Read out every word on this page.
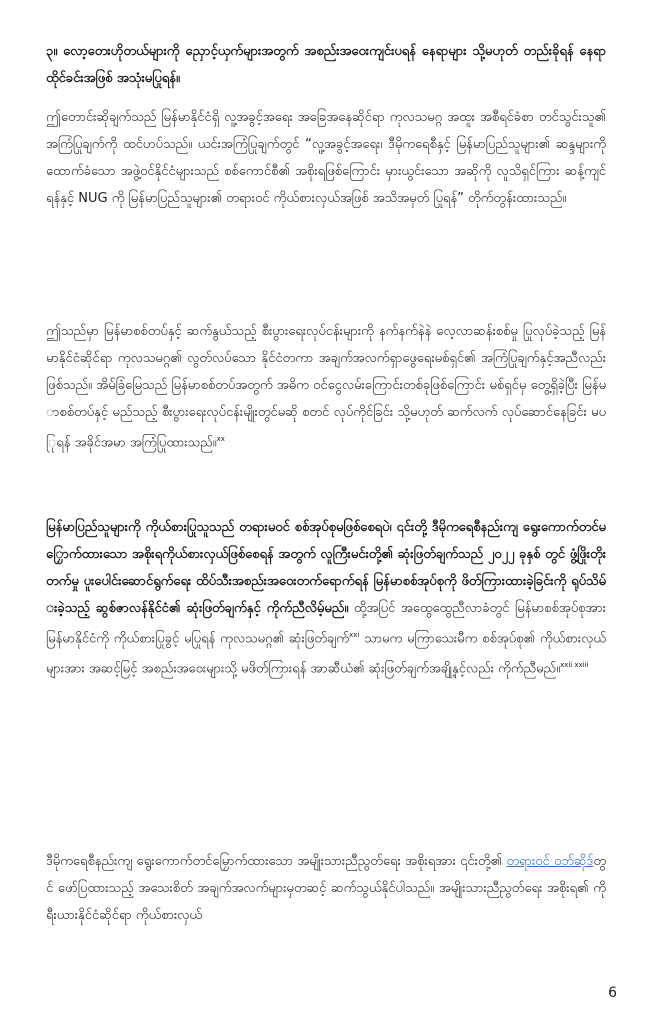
၃။ လော့တေးဟိုတယ်များကို ညှောင့်ယှက်များအတွက် အစည်းအဝေးကျင်းပရန် နေရာများ သို့မဟုတ် တည်းခိုရန် နေရာထိုင်ခင်းအဖြစ် အသုံးမပြုရန်။

ဤတောင်းဆိုချက်သည် မြန်မာနိုင်ငံရှိ လူ့အခွင့်အရေး အခြေအနေဆိုင်ရာ ကုလသမဂ္ဂ အထူး အစီရင်ခံစာ တင်သွင်းသူ၏ အကြံပြုချက်ကို ထင်ဟပ်သည်။ ယင်းအကြံပြုချက်တွင် “လူ့အခွင့်အရေး၊ ဒီမိုကရေစီနှင့် မြန်မာပြည်သူများ၏ ဆန္ဒများကို ထောက်ခံသော အဖွဲ့ဝင်နိုင်ငံများသည် စစ်ကောင်စီ၏ အစိုးရဖြစ်ကြောင်း မှားယွင်းသော အဆိုကို လူသိရှင်ကြား ဆန့်ကျင်ရန်နှင့် NUG ကို မြန်မာပြည်သူများ၏ တရားဝင် ကိုယ်စားလှယ်အဖြစ် အသိအမှတ် ပြုရန်” တိုက်တွန်းထားသည်။

ဤသည်မှာ မြန်မာစစ်တပ်နှင့် ဆက်နွယ်သည့် စီးပွားရေးလုပ်ငန်းများကို နက်နက်နဲနဲ လေ့လာဆန်းစစ်မှု ပြုလုပ်ခဲ့သည့် မြန်မာနိုင်ငံဆိုင်ရာ ကုလသမဂ္ဂ၏ လွတ်လပ်သော နိုင်ငံတကာ အချက်အလက်ရှာဖွေရေးမစ်ရှင်၏ အကြံပြုချက်နှင့်အညီလည်း ဖြစ်သည်။ အိမ်ခြံမြေသည် မြန်မာစစ်တပ်အတွက် အဓိက ဝင်ငွေလမ်းကြောင်းတစ်ခုဖြစ်ကြောင်း မစ်ရှင်မှ တွေ့ရှိခဲ့ပြီး မြန်မာစစ်တပ်နှင့် မည်သည့် စီးပွားရေးလုပ်ငန်းမျိုးတွင်မဆို စတင် လုပ်ကိုင်ခြင်း သို့မဟုတ် ဆက်လက် လုပ်ဆောင်နေခြင်း မပြုရန် အခိုင်အမာ အကြံပြုထားသည်။$^{xx}$

မြန်မာပြည်သူများကို ကိုယ်စားပြုသူသည် တရားမဝင် စစ်အုပ်စုမဖြစ်စေရပဲ၊ ၎င်းတို့ ဒီမိုကရေစီနည်းကျ ရွေးကောက်တင်မြှောက်ထားသော အစိုးရကိုယ်စားလှယ်ဖြစ်စေရန် အတွက် လူကြီးမင်းတို့၏ ဆုံးဖြတ်ချက်သည် ၂၀၂၂ ခုနှစ် တွင် ဖွံ့ဖြိုးတိုးတက်မှု ပူးပေါင်းဆောင်ရွက်ရေး ထိပ်သီးအစည်းအဝေးတက်ရောက်ရန် မြန်မာစစ်အုပ်စုကို ဖိတ်ကြားထားခဲ့ခြင်းကို ရုပ်သိမ်းခဲ့သည့် ဆွစ်ဇာလန်နိုင်ငံ၏ ဆုံးဖြတ်ချက်နှင့် ကိုက်ညီလိမ့်မည်။ ထို့အပြင် အထွေထွေညီလာခံတွင် မြန်မာစစ်အုပ်စုအား မြန်မာနိုင်ငံကို ကိုယ်စားပြုခွင့် မပြုရန် ကုလသမဂ္ဂ၏ ဆုံးဖြတ်ချက်$^{xxi}$ သာမက မကြာသေးမီက စစ်အုပ်စု၏ ကိုယ်စားလှယ်များအား အဆင့်မြင့် အစည်းအဝေးများသို့ မဖိတ်ကြားရန် အာဆီယံ၏ ဆုံးဖြတ်ချက်အချို့နှင့်လည်း ကိုက်ညီမည်။$^{xxii xxiii}$

ဒီမိုကရေစီနည်းကျ ရွေးကောက်တင်မြှောက်ထားသော အမျိုးသားညီညွတ်ရေး အစိုးရအား ၎င်းတို့၏ တရားဝင် ဝဘ်ဆိုဒ်တွင် ဖော်ပြထားသည့် အသေးစိတ် အချက်အလက်များမှတဆင့် ဆက်သွယ်နိုင်ပါသည်။ အမျိုးသားညီညွတ်ရေး အစိုးရ၏ ကိုရီးယားနိုင်ငံဆိုင်ရာ ကိုယ်စားလှယ်

6
